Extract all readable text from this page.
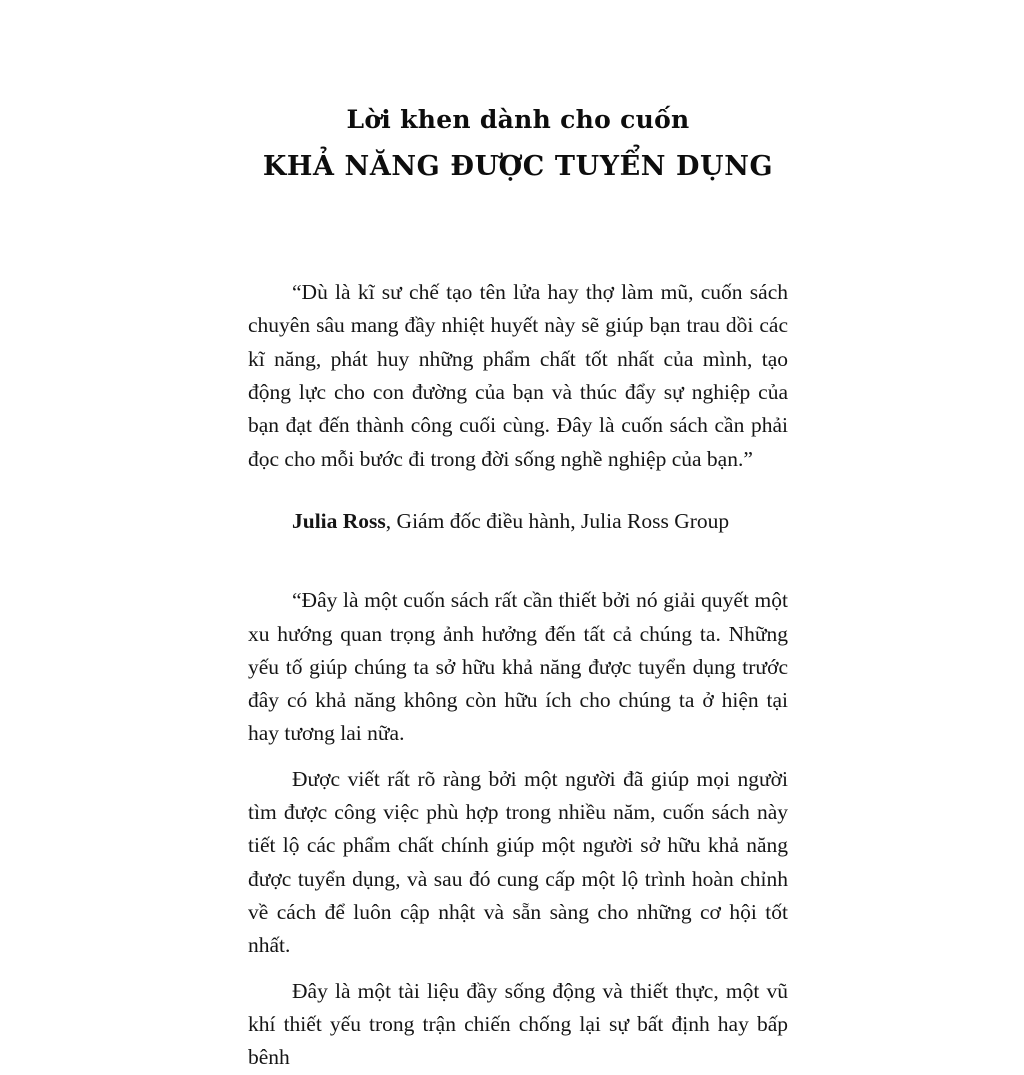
Lời khen dành cho cuốn
KHẢ NĂNG ĐƯỢC TUYỂN DỤNG

“Dù là kĩ sư chế tạo tên lửa hay thợ làm mũ, cuốn sách chuyên sâu mang đầy nhiệt huyết này sẽ giúp bạn trau dồi các kĩ năng, phát huy những phẩm chất tốt nhất của mình, tạo động lực cho con đường của bạn và thúc đẩy sự nghiệp của bạn đạt đến thành công cuối cùng. Đây là cuốn sách cần phải đọc cho mỗi bước đi trong đời sống nghề nghiệp của bạn.”

Julia Ross, Giám đốc điều hành, Julia Ross Group

“Đây là một cuốn sách rất cần thiết bởi nó giải quyết một xu hướng quan trọng ảnh hưởng đến tất cả chúng ta. Những yếu tố giúp chúng ta sở hữu khả năng được tuyển dụng trước đây có khả năng không còn hữu ích cho chúng ta ở hiện tại hay tương lai nữa.

Được viết rất rõ ràng bởi một người đã giúp mọi người tìm được công việc phù hợp trong nhiều năm, cuốn sách này tiết lộ các phẩm chất chính giúp một người sở hữu khả năng được tuyển dụng, và sau đó cung cấp một lộ trình hoàn chỉnh về cách để luôn cập nhật và sẵn sàng cho những cơ hội tốt nhất.

Đây là một tài liệu đầy sống động và thiết thực, một vũ khí thiết yếu trong trận chiến chống lại sự bất định hay bấp bênh
